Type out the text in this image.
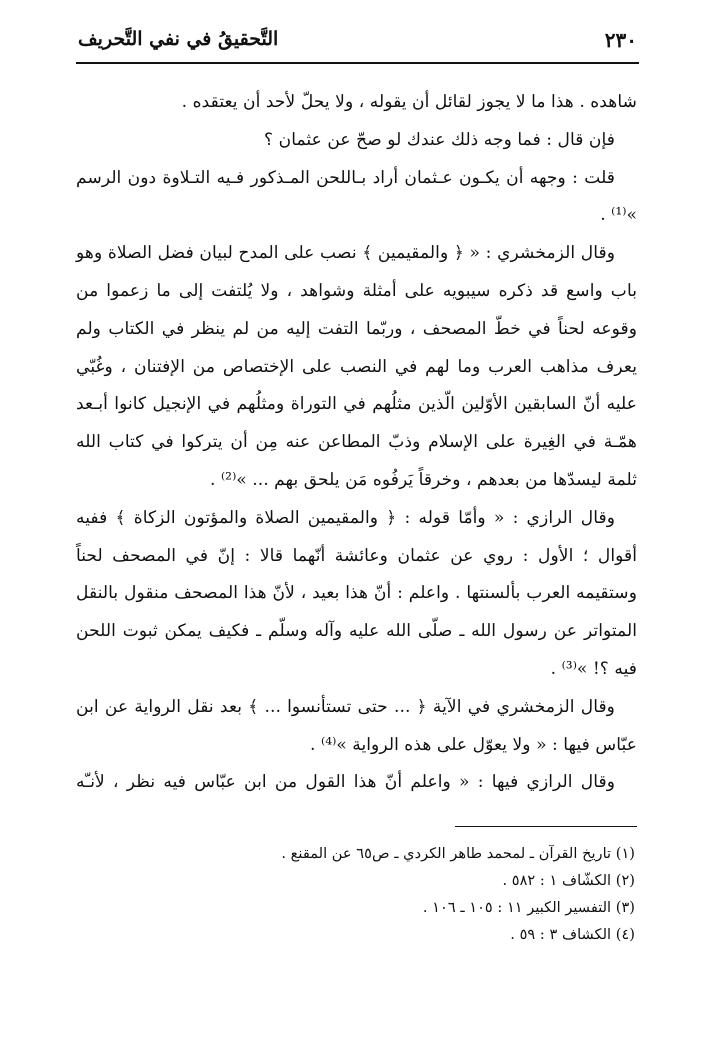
٢٣٠
التَّحقيقُ في نفي التَّحريف

شاهده . هذا ما لا يجوز لقائل أن يقوله ، ولا يحلّ لأحد أن يعتقده .

فإن قال : فما وجه ذلك عندك لو صحّ عن عثمان ؟

قلت : وجهه أن يكـون عـثمان أراد بـاللحن المـذكور فـيه التـلاوة دون الرسم »⁽¹⁾ .

وقال الزمخشري : « ﴿ والمقيمين ﴾ نصب على المدح لبيان فضل الصلاة وهو باب واسع قد ذكره سيبويه على أمثلة وشواهد ، ولا يُلتفت إلى ما زعموا من وقوعه لحناً في خطّ المصحف ، وربّما التفت إليه من لم ينظر في الكتاب ولم يعرف مذاهب العرب وما لهم في النصب على الإختصاص من الإفتنان ، وغُبّي عليه أنّ السابقين الأوّلين الّذين مثلُهم في التوراة ومثلُهم في الإنجيل كانوا أبـعد همّـة في الغِيرة على الإسلام وذبّ المطاعن عنه مِن أن يتركوا في كتاب الله ثلمة ليسدّها من بعدهم ، وخرقاً يَرفُوه مَن يلحق بهم ... »⁽²⁾ .

وقال الرازي : « وأمّا قوله : ﴿ والمقيمين الصلاة والمؤتون الزكاة ﴾ ففيه أقوال ؛ الأول : روي عن عثمان وعائشة أنّهما قالا : إنّ في المصحف لحناً وستقيمه العرب بألسنتها . واعلم : أنّ هذا بعيد ، لأنّ هذا المصحف منقول بالنقل المتواتر عن رسول الله ـ صلّى الله عليه وآله وسلّم ـ فكيف يمكن ثبوت اللحن فيه ؟! »⁽³⁾ .

وقال الزمخشري في الآية ﴿ ... حتى تستأنسوا ... ﴾ بعد نقل الرواية عن ابن عبّاس فيها : « ولا يعوّل على هذه الرواية »⁽⁴⁾ .

وقال الرازي فيها : « واعلم أنّ هذا القول من ابن عبّاس فيه نظر ، لأنـّه

(١) تاريخ القرآن ـ لمحمد طاهر الكردي ـ ص٦٥ عن المقنع .
(٢) الكشّاف ١ : ٥٨٢ .
(٣) التفسير الكبير ١١ : ١٠٥ ـ ١٠٦ .
(٤) الكشاف ٣ : ٥٩ .
